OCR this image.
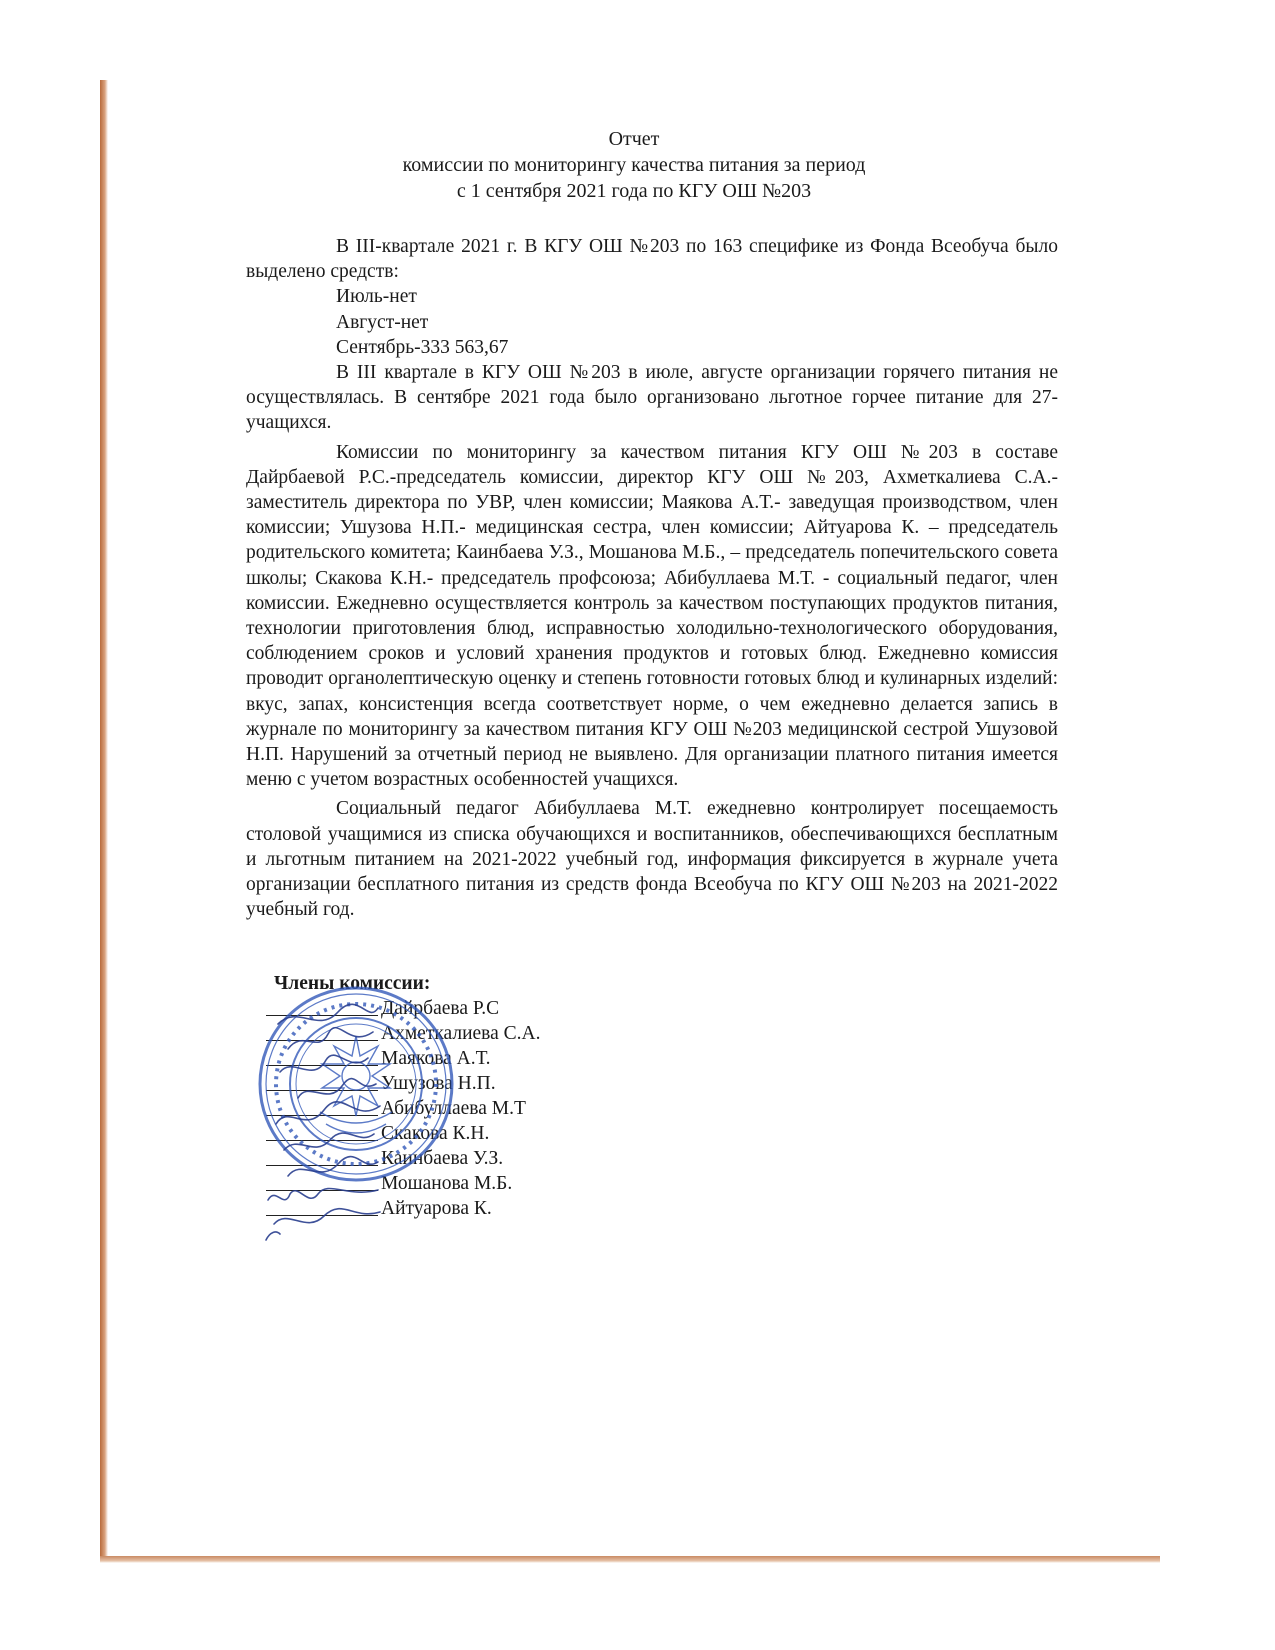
Отчет
комиссии по мониторингу качества питания за период
с 1 сентября 2021 года по КГУ ОШ №203

В III-квартале 2021 г. В КГУ ОШ №203 по 163 специфике из Фонда Всеобуча было выделено средств:

Июль-нет
Август-нет
Сентябрь-333 563,67

В III квартале в КГУ ОШ №203 в июле, августе организации горячего питания не осуществлялась. В сентябре 2021 года было организовано льготное горчее питание для 27-учащихся.

Комиссии по мониторингу за качеством питания КГУ ОШ №203 в составе Дайрбаевой Р.С.-председатель комиссии, директор КГУ ОШ №203, Ахметкалиева С.А.- заместитель директора по УВР, член комиссии; Маякова А.Т.- заведущая производством, член комиссии; Ушузова Н.П.- медицинская сестра, член комиссии; Айтуарова К. – председатель родительского комитета; Каинбаева У.З., Мошанова М.Б., – председатель попечительского совета школы; Скакова К.Н.- председатель профсоюза; Абибуллаева М.Т. - социальный педагог, член комиссии. Ежедневно осуществляется контроль за качеством поступающих продуктов питания, технологии приготовления блюд, исправностью холодильно-технологического оборудования, соблюдением сроков и условий хранения продуктов и готовых блюд. Ежедневно комиссия проводит органолептическую оценку и степень готовности готовых блюд и кулинарных изделий: вкус, запах, консистенция всегда соответствует норме, о чем ежедневно делается запись в журнале по мониторингу за качеством питания КГУ ОШ №203 медицинской сестрой Ушузовой Н.П. Нарушений за отчетный период не выявлено. Для организации платного питания имеется меню с учетом возрастных особенностей учащихся.

Социальный педагог Абибуллаева М.Т. ежедневно контролирует посещаемость столовой учащимися из списка обучающихся и воспитанников, обеспечивающихся бесплатным и льготным питанием на 2021-2022 учебный год, информация фиксируется в журнале учета организации бесплатного питания из средств фонда Всеобуча по КГУ ОШ №203 на 2021-2022 учебный год.

Члены комиссии:
Дайрбаева Р.С
Ахметкалиева С.А.
Маякова А.Т.
Ушузова Н.П.
Абибуллаева М.Т
Скакова К.Н.
Каинбаева У.З.
Мошанова М.Б.
Айтуарова К.
